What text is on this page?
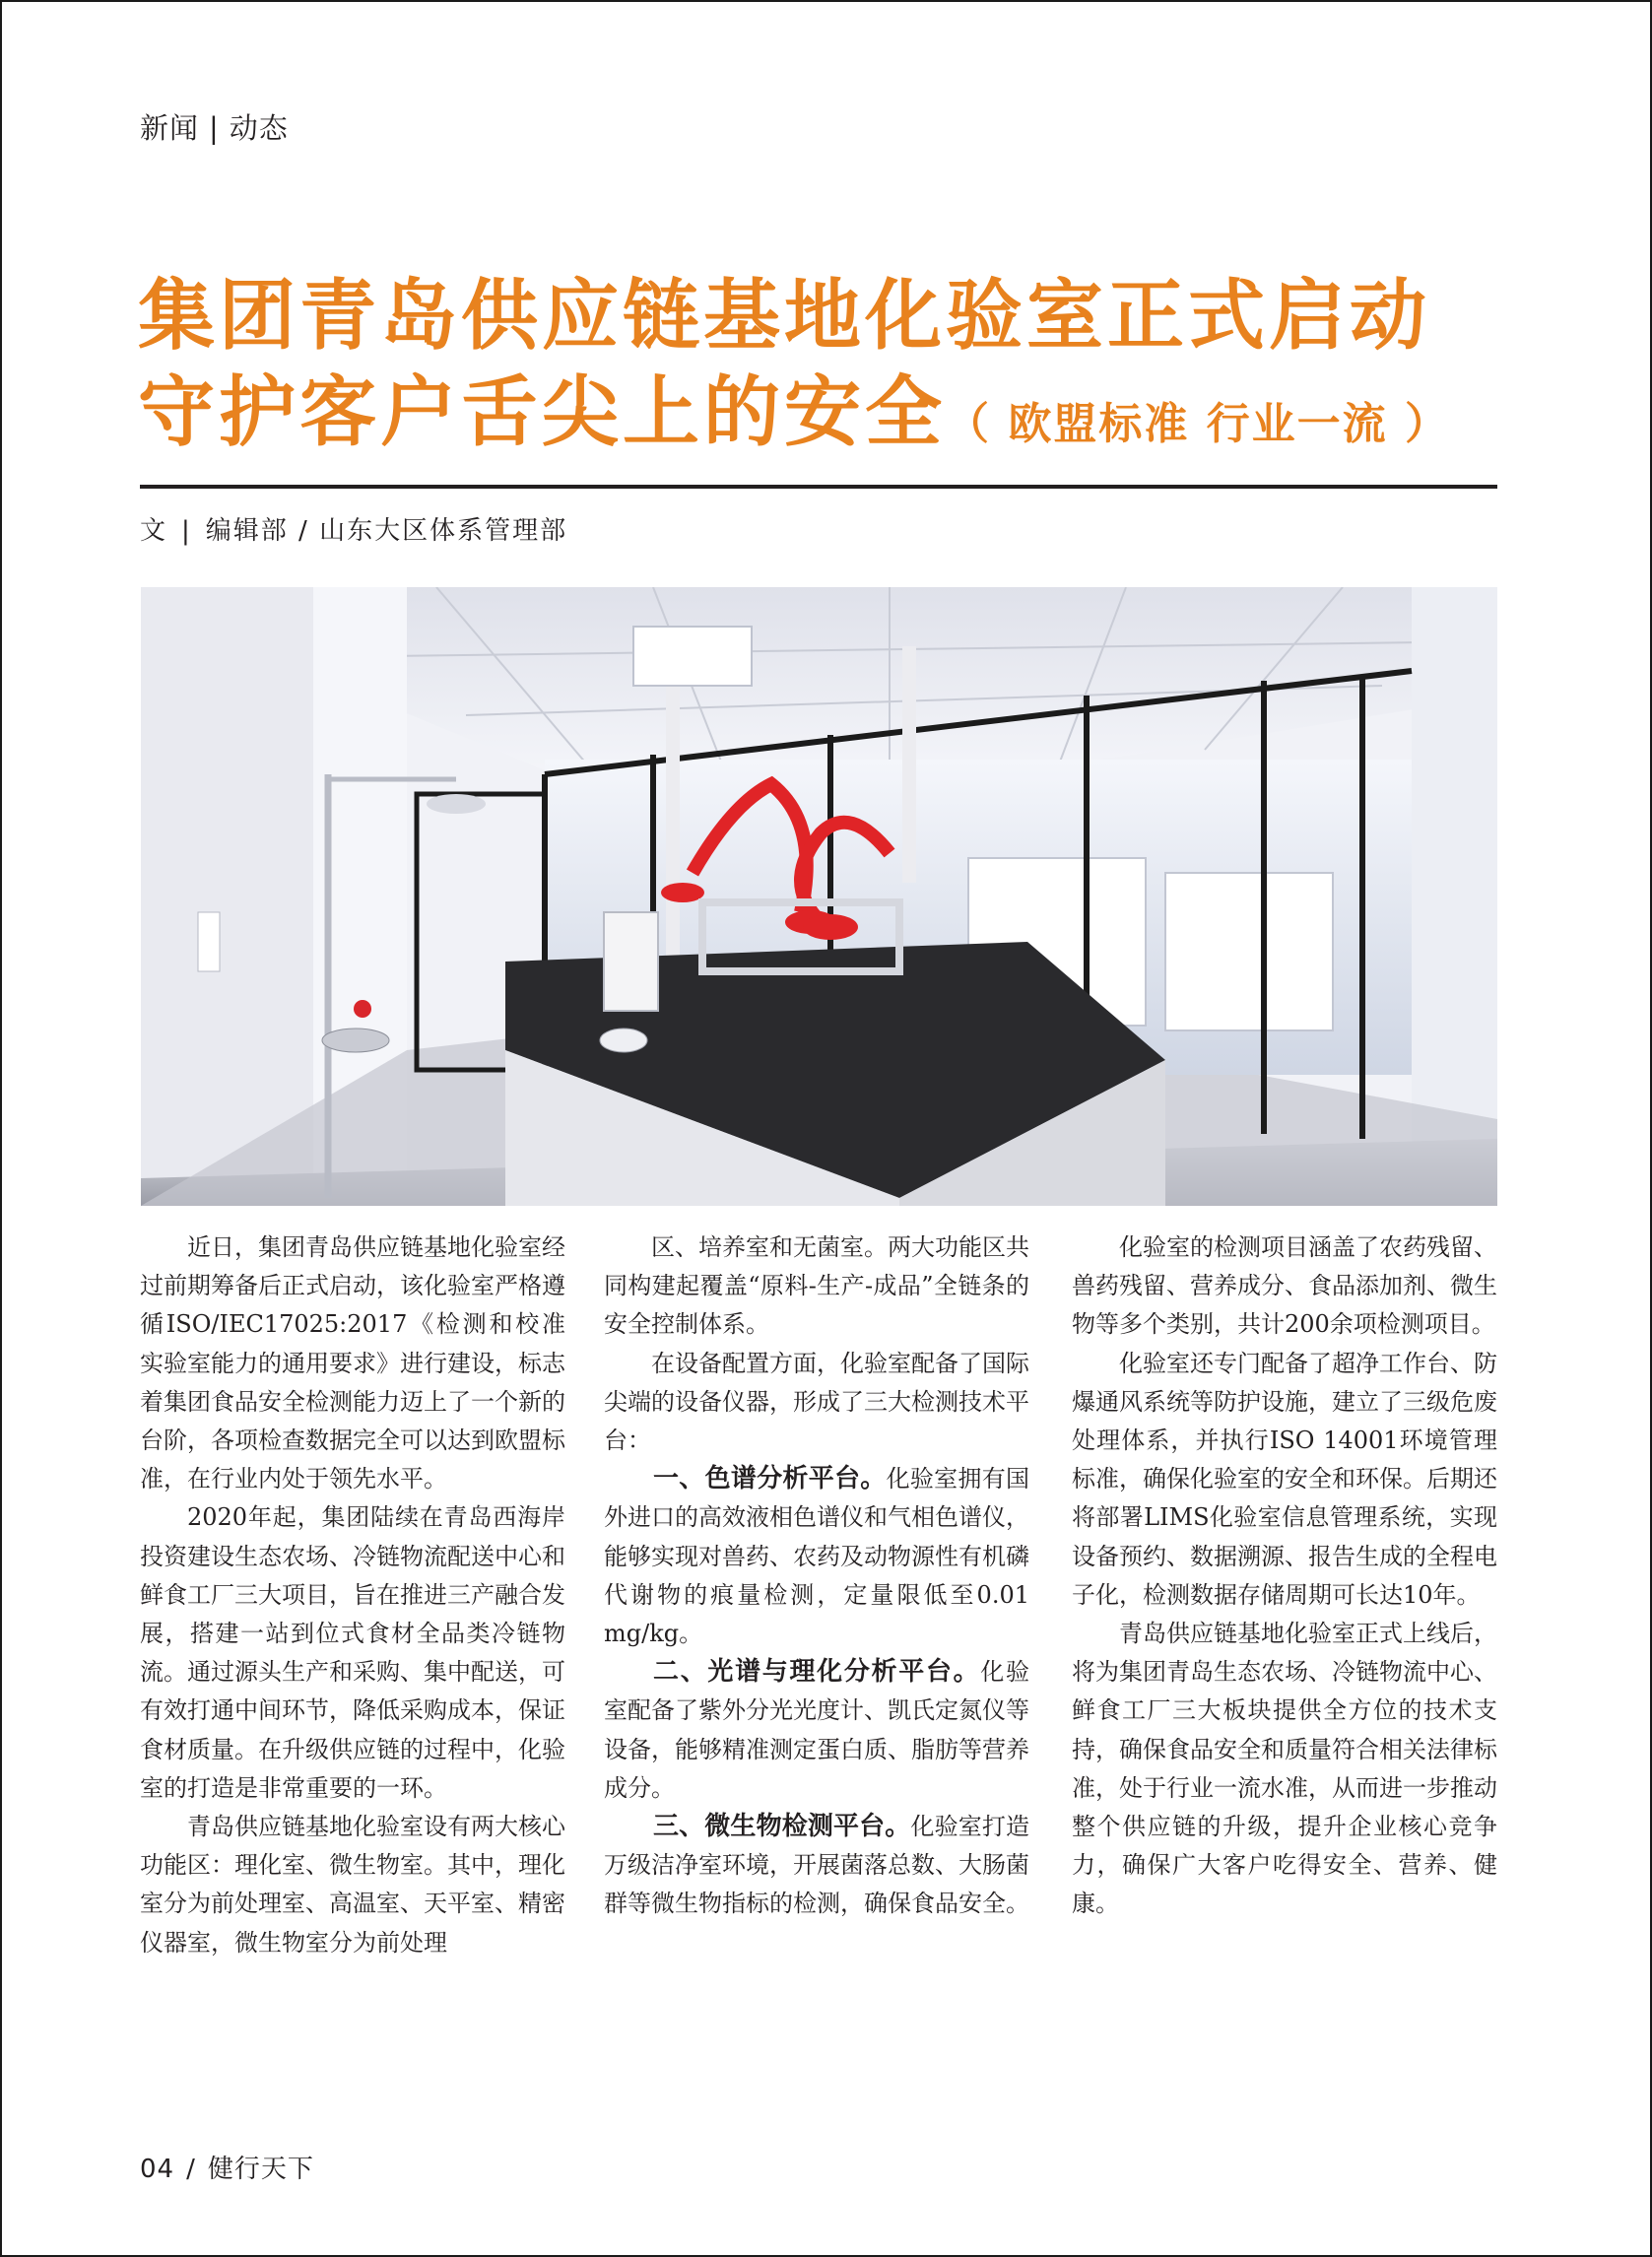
新闻 | 动态
集团青岛供应链基地化验室正式启动
守护客户舌尖上的安全（ 欧盟标准 行业一流 ）
文 | 编辑部 / 山东大区体系管理部

近日，集团青岛供应链基地化验室经过前期筹备后正式启动，该化验室严格遵循ISO/IEC17025:2017《检测和校准实验室能力的通用要求》进行建设，标志着集团食品安全检测能力迈上了一个新的台阶，各项检查数据完全可以达到欧盟标准，在行业内处于领先水平。

2020年起，集团陆续在青岛西海岸投资建设生态农场、冷链物流配送中心和鲜食工厂三大项目，旨在推进三产融合发展，搭建一站到位式食材全品类冷链物流。通过源头生产和采购、集中配送，可有效打通中间环节，降低采购成本，保证食材质量。在升级供应链的过程中，化验室的打造是非常重要的一环。

青岛供应链基地化验室设有两大核心功能区：理化室、微生物室。其中，理化室分为前处理室、高温室、天平室、精密仪器室，微生物室分为前处理

区、培养室和无菌室。两大功能区共同构建起覆盖“原料-生产-成品”全链条的安全控制体系。

在设备配置方面，化验室配备了国际尖端的设备仪器，形成了三大检测技术平台：

一、色谱分析平台。化验室拥有国外进口的高效液相色谱仪和气相色谱仪，能够实现对兽药、农药及动物源性有机磷代谢物的痕量检测，定量限低至0.01 mg/kg。

二、光谱与理化分析平台。化验室配备了紫外分光光度计、凯氏定氮仪等设备，能够精准测定蛋白质、脂肪等营养成分。

三、微生物检测平台。化验室打造万级洁净室环境，开展菌落总数、大肠菌群等微生物指标的检测，确保食品安全。

化验室的检测项目涵盖了农药残留、兽药残留、营养成分、食品添加剂、微生物等多个类别，共计200余项检测项目。

化验室还专门配备了超净工作台、防爆通风系统等防护设施，建立了三级危废处理体系，并执行ISO 14001环境管理标准，确保化验室的安全和环保。后期还将部署LIMS化验室信息管理系统，实现设备预约、数据溯源、报告生成的全程电子化，检测数据存储周期可长达10年。

青岛供应链基地化验室正式上线后，将为集团青岛生态农场、冷链物流中心、鲜食工厂三大板块提供全方位的技术支持，确保食品安全和质量符合相关法律标准，处于行业一流水准，从而进一步推动整个供应链的升级，提升企业核心竞争力，确保广大客户吃得安全、营养、健康。

04 / 健行天下
